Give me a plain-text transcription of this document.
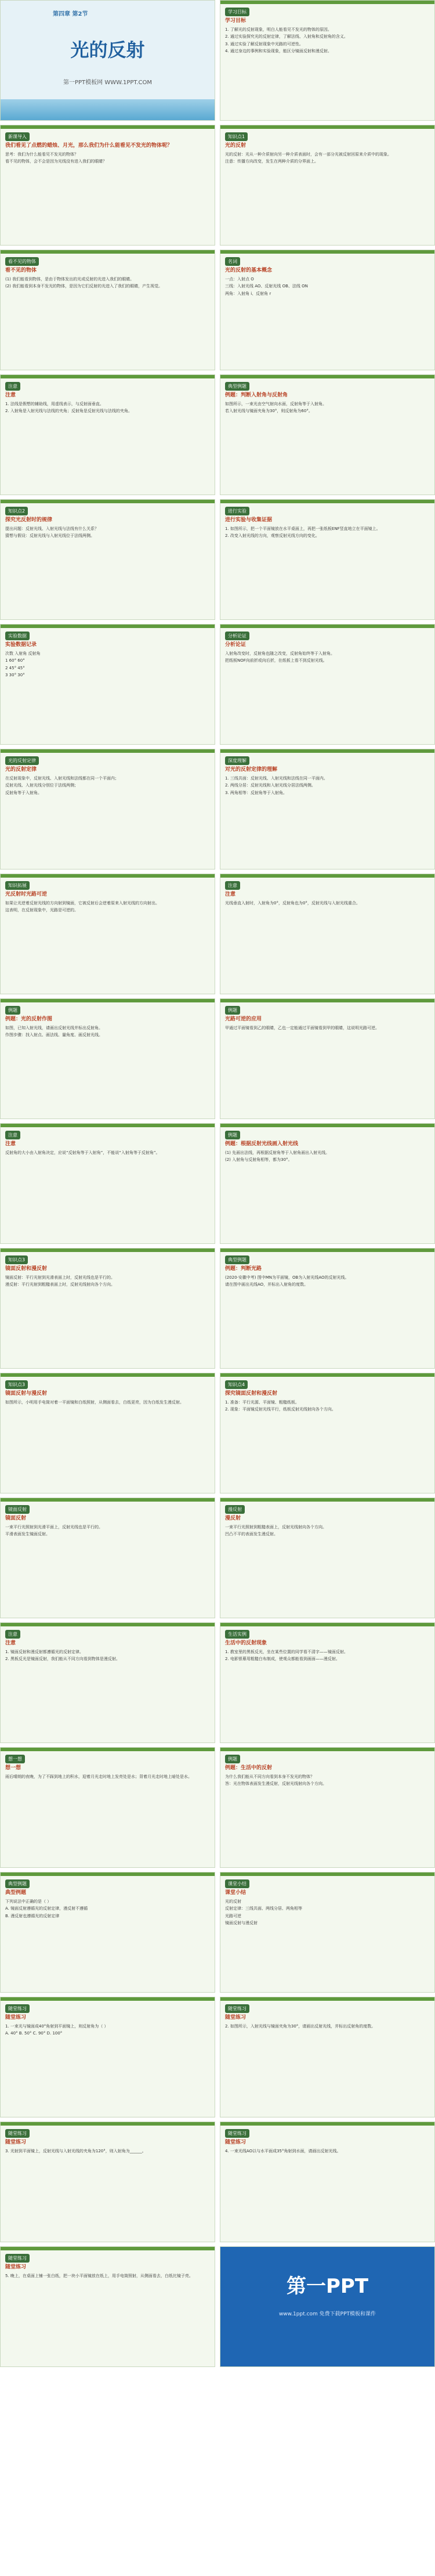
第四章 第2节
光的反射
第一PPT模板网 WWW.1PPT.COM
学习目标
学习目标

1. 了解光的反射现象，明白人能看见不发光的物体的原因。

2. 通过实验探究光的反射定律，了解法线、入射角和反射角的含义。

3. 通过实验了解反射现象中光路的可逆性。

4. 通过身边的事例和实验现象，能区分镜面反射和漫反射。

新课导入
我们看见了点燃的蜡烛、月光，那么我们为什么能看见不发光的物体呢？

思考：我们为什么能看见不发光的物体？

看不见的物体，会不会是因为光线没有进入我们的眼睛？

知识点1
光的反射

光的反射：光从一种介质射向另一种介质表面时，会有一部分光被反射回原来介质中的现象。

注意：传播方向改变，发生在两种介质的分界面上。

看不见的物体
看不见的物体

(1) 我们能看到物体，是由于物体发出的光或反射的光进入我们的眼睛。

(2) 我们能看到本身不发光的物体，是因为它们反射的光进入了我们的眼睛，产生视觉。

名词
光的反射的基本概念

一点：入射点 O

三线：入射光线 AO、反射光线 OB、法线 ON

两角：入射角 i、反射角 r

注意
注意

1. 法线是假想的辅助线，用虚线表示，与反射面垂直。

2. 入射角是入射光线与法线的夹角；反射角是反射光线与法线的夹角。

典型例题
例题：判断入射角与反射角

如图所示，一束光由空气射向水面，反射角等于入射角。

若入射光线与镜面夹角为30°，则反射角为60°。

知识点2
探究光反射时的规律

提出问题：反射光线、入射光线与法线有什么关系？

猜想与假设：反射光线与入射光线位于法线两侧。

进行实验
进行实验与收集证据

1. 如图所示，把一个平面镜放在水平桌面上，再把一张纸板ENF竖直地立在平面镜上。

2. 改变入射光线的方向，观察反射光线方向的变化。

实验数据
实验数据记录

次数 入射角 反射角

1 60° 60°

2 45° 45°

3 30° 30°

分析论证
分析论证

入射角改变时，反射角也随之改变，反射角始终等于入射角。

把纸板NOF向前折或向后折，在纸板上看不到反射光线。

光的反射定律
光的反射定律

在反射现象中，反射光线、入射光线和法线都在同一个平面内；

反射光线、入射光线分别位于法线两侧；

反射角等于入射角。

深度理解
对光的反射定律的理解

1. 三线共面：反射光线、入射光线和法线在同一平面内。

2. 两线分居：反射光线和入射光线分居法线两侧。

3. 两角相等：反射角等于入射角。

知识拓展
光反射时光路可逆

如果让光逆着反射光线的方向射到镜面，它被反射后会逆着原来入射光线的方向射出。

这表明，在反射现象中，光路是可逆的。

注意
注意

光线垂直入射时，入射角为0°，反射角也为0°，反射光线与入射光线重合。

例题
例题：光的反射作图

如图，已知入射光线，请画出反射光线并标出反射角。

作图步骤：找入射点、画法线、量角度、画反射光线。

例题
光路可逆的应用

甲通过平面镜看到乙的眼睛，乙也一定能通过平面镜看到甲的眼睛，这说明光路可逆。

注意
注意

反射角的大小由入射角决定，应说“反射角等于入射角”，不能说“入射角等于反射角”。

例题
例题：根据反射光线画入射光线

(1) 先画出法线，再根据反射角等于入射角画出入射光线。

(2) 入射角与反射角相等，都为30°。

知识点3
镜面反射和漫反射

镜面反射：平行光射到光滑表面上时，反射光线也是平行的。

漫反射：平行光射到粗糙表面上时，反射光线射向各个方向。

典型例题
例题：判断光路

(2020·安徽中考) 图中MN为平面镜，OB为入射光线AO的反射光线。

请在图中画出光线AO，并标出入射角的度数。

知识点3
镜面反射与漫反射

如图所示，小明用手电筒对着一平面镜和白纸照射，从侧面看去，白纸更亮，因为白纸发生漫反射。

知识点4
探究镜面反射和漫反射

1. 准备：平行光源、平面镜、粗糙纸板。

2. 现象：平面镜反射光线平行，纸板反射光线射向各个方向。

镜面反射
镜面反射

一束平行光照射到光滑平面上，反射光线也是平行的。

平滑表面发生镜面反射。

漫反射
漫反射

一束平行光照射到粗糙表面上，反射光线射向各个方向。

凹凸不平的表面发生漫反射。

注意
注意

1. 镜面反射和漫反射都遵循光的反射定律。

2. 黑板反光是镜面反射，我们能从不同方向看到物体是漫反射。

生活实例
生活中的反射现象

1. 教室里的黑板反光，坐在某些位置的同学看不清字——镜面反射。

2. 电影银幕用粗糙白布制成，使观众都能看到画面——漫反射。

想一想
想一想

雨后晴朗的夜晚，为了不踩到地上的积水，迎着月光走时地上发亮处是水；背着月光走时地上暗处是水。

例题
例题：生活中的反射

为什么我们能从不同方向看到本身不发光的物体？

答：光在物体表面发生漫反射，反射光线射向各个方向。

典型例题
典型例题

下列说法中正确的是（ ）

A. 镜面反射遵循光的反射定律，漫反射不遵循

B. 漫反射也遵循光的反射定律

课堂小结
课堂小结

光的反射

反射定律：三线共面、两线分居、两角相等

光路可逆

镜面反射与漫反射

随堂练习
随堂练习

1. 一束光与镜面成40°角射到平面镜上，则反射角为（ ）

A. 40° B. 50° C. 90° D. 100°

随堂练习
随堂练习

2. 如图所示，入射光线与镜面夹角为30°，请画出反射光线，并标出反射角的度数。

随堂练习
随堂练习

3. 光射到平面镜上，反射光线与入射光线的夹角为120°，则入射角为______。

随堂练习
随堂练习

4. 一束光线AO以与水平面成35°角射到水面，请画出反射光线。

随堂练习
随堂练习

5. 晚上，在桌面上铺一张白纸，把一块小平面镜放在纸上，用手电筒照射，从侧面看去，白纸比镜子亮。	第一PPT
www.1ppt.com 免费下载PPT模板和课件
